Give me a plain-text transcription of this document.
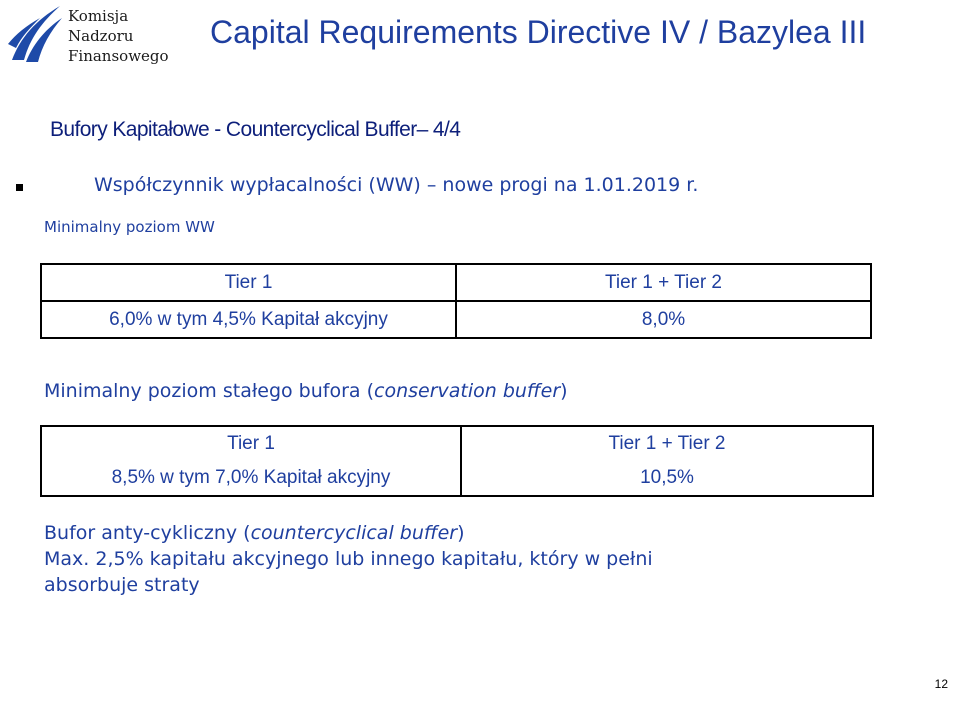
Komisja
Nadzoru
Finansowego
Capital Requirements Directive IV / Bazylea III
Bufory Kapitałowe - Countercyclical Buffer– 4/4
Współczynnik wypłacalności (WW) – nowe progi na 1.01.2019 r.
Minimalny poziom WW
Tier 1	Tier 1 + Tier 2
6,0% w tym 4,5% Kapitał akcyjny	8,0%
Minimalny poziom stałego bufora (conservation buffer)
Tier 1	Tier 1 + Tier 2
8,5% w tym 7,0% Kapitał akcyjny	10,5%
Bufor anty-cykliczny (countercyclical buffer)
Max. 2,5% kapitału akcyjnego lub innego kapitału, który w pełni
absorbuje straty
12
